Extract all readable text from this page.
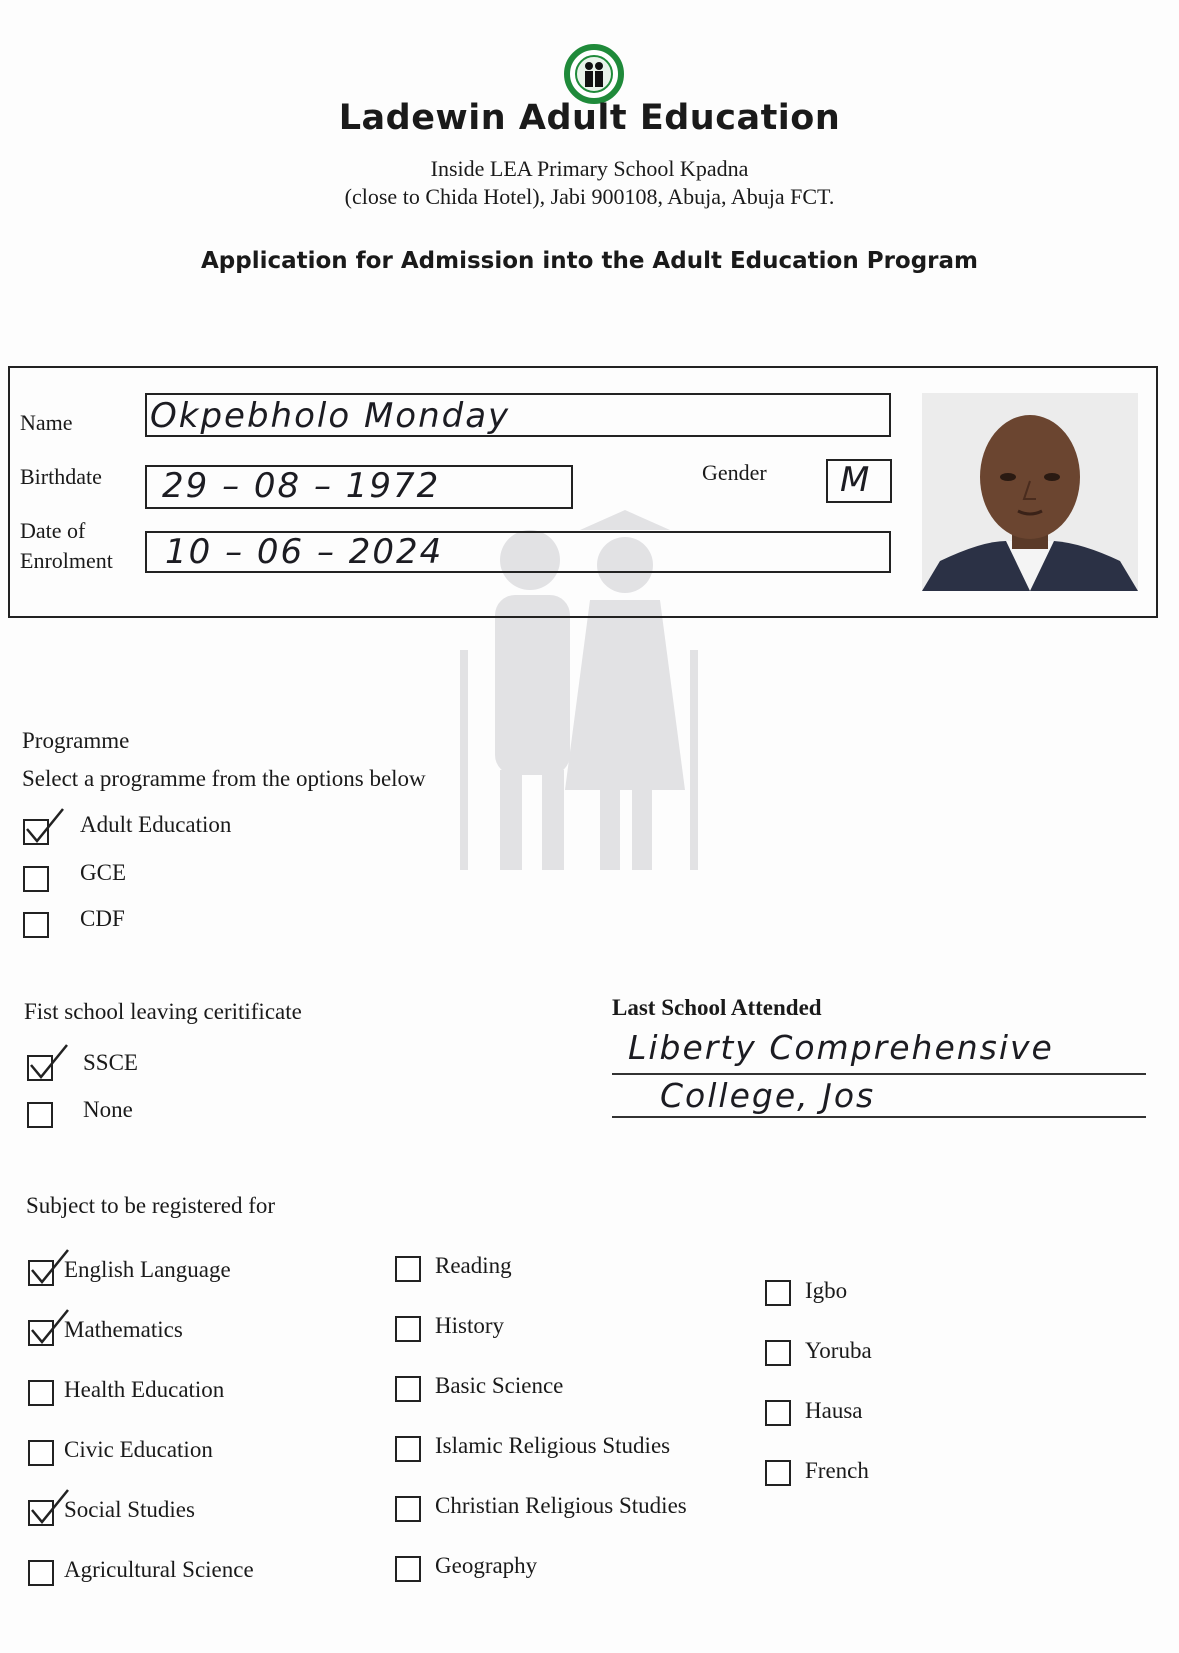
Ladewin Adult Education
Inside LEA Primary School Kpadna
(close to Chida Hotel), Jabi 900108, Abuja, Abuja FCT.
Application for Admission into the Adult Education Program
Name Okpebholo Monday
Birthdate 29 – 08 – 1972	Gender M
Date of
Enrolment 10 – 06 – 2024
Programme
Select a programme from the options below
Adult Education
GCE
CDF
Fist school leaving ceritificate
SSCE
None
Last School Attended
Liberty Comprehensive
College, Jos
Subject to be registered for
English Language
Mathematics
Health Education
Civic Education
Social Studies
Agricultural Science
Reading
History
Basic Science
Islamic Religious Studies
Christian Religious Studies
Geography
Igbo
Yoruba
Hausa
French
